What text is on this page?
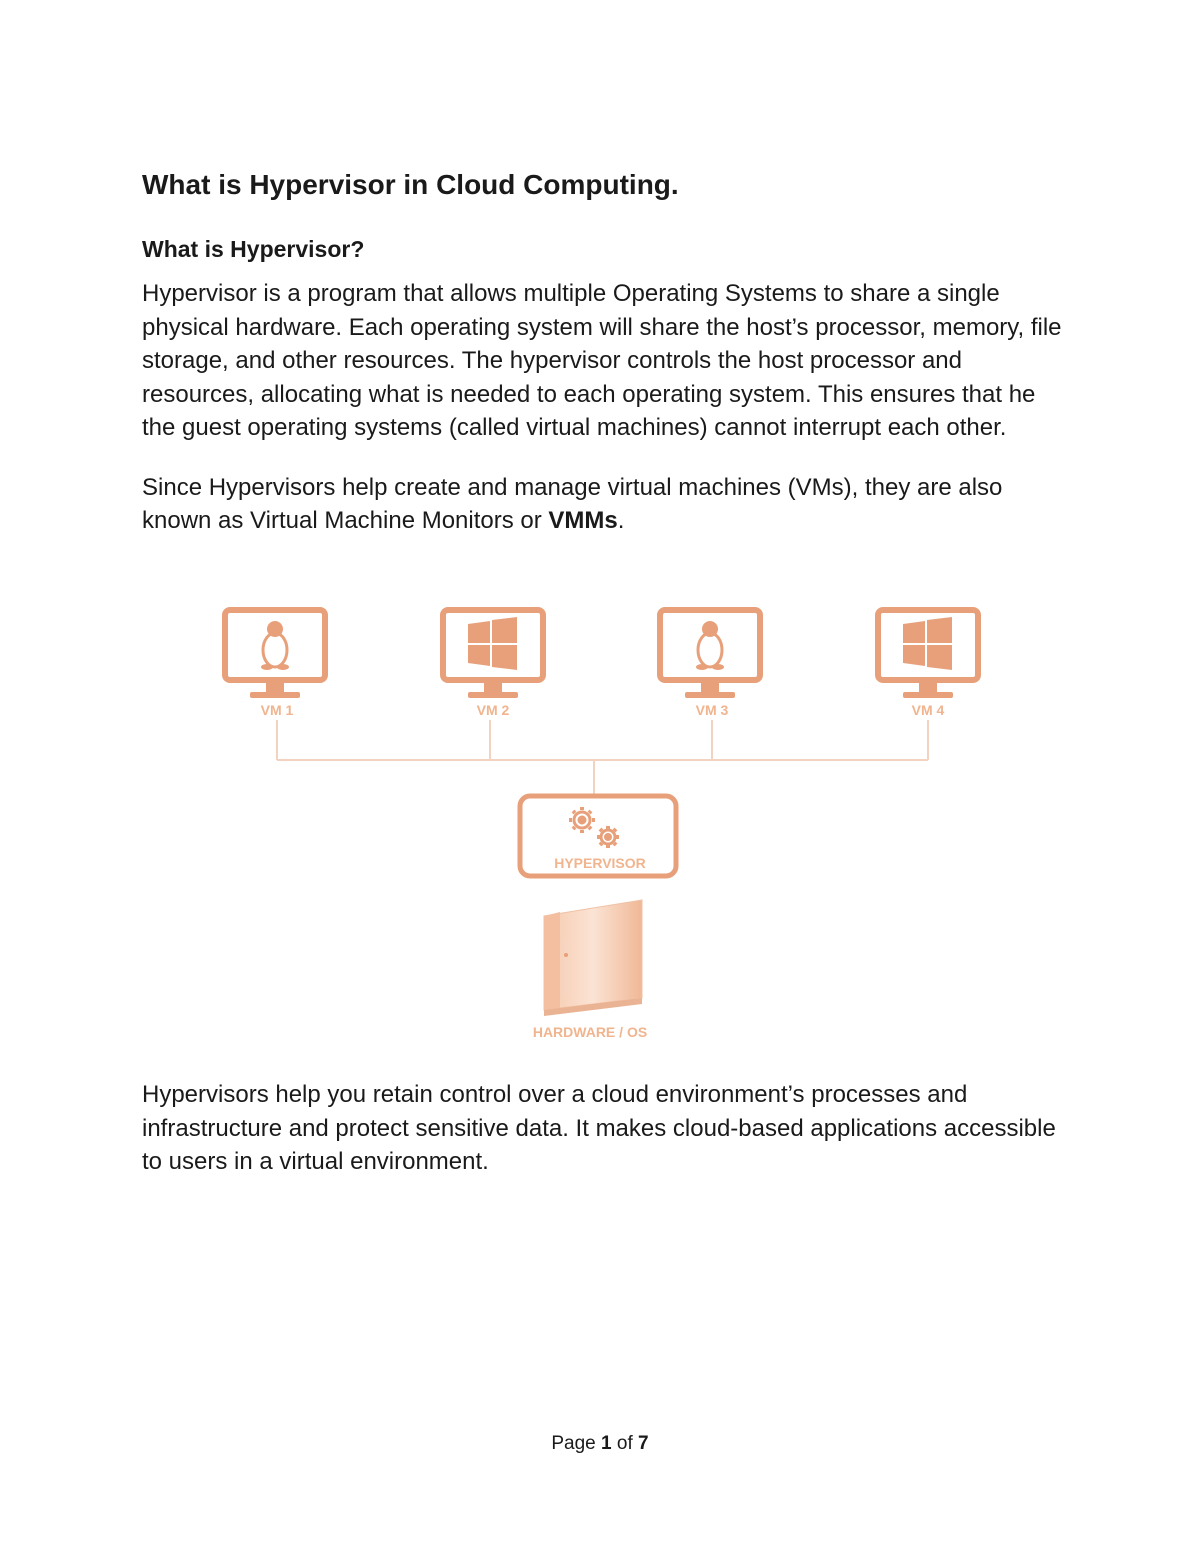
What is Hypervisor in Cloud Computing.
What is Hypervisor?

Hypervisor is a program that allows multiple Operating Systems to share a single physical hardware. Each operating system will share the host’s processor, memory, file storage, and other resources. The hypervisor controls the host processor and resources, allocating what is needed to each operating system. This ensures that he the guest operating systems (called virtual machines) cannot interrupt each other.

Since Hypervisors help create and manage virtual machines (VMs), they are also known as Virtual Machine Monitors or VMMs.

VM 1	VM 2	VM 3	VM 4
HYPERVISOR
HARDWARE / OS

Hypervisors help you retain control over a cloud environment’s processes and infrastructure and protect sensitive data. It makes cloud-based applications accessible to users in a virtual environment.

Page 1 of 7
